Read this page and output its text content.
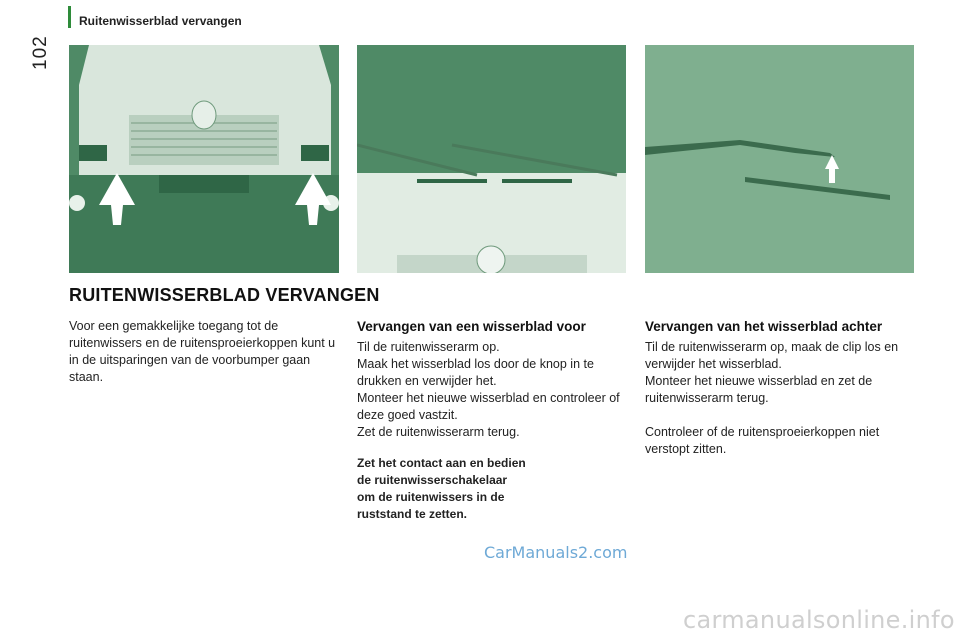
102
Ruitenwisserblad vervangen
RUITENWISSERBLAD VERVANGEN

Voor een gemakkelijke toegang tot de ruitenwissers en de ruitensproeierkoppen kunt u in de uitsparingen van de voorbumper gaan staan.

Vervangen van een wisserblad voor

Til de ruitenwisserarm op.

Maak het wisserblad los door de knop in te drukken en verwijder het.

Monteer het nieuwe wisserblad en controleer of deze goed vastzit.

Zet de ruitenwisserarm terug.

Zet het contact aan en bedien
de ruitenwisserschakelaar
om de ruitenwissers in de
ruststand te zetten.
Vervangen van het wisserblad achter

Til de ruitenwisserarm op, maak de clip los en verwijder het wisserblad.

Monteer het nieuwe wisserblad en zet de ruitenwisserarm terug.

Controleer of de ruitensproeierkoppen niet verstopt zitten.

CarManuals2.com
carmanualsonline.info
